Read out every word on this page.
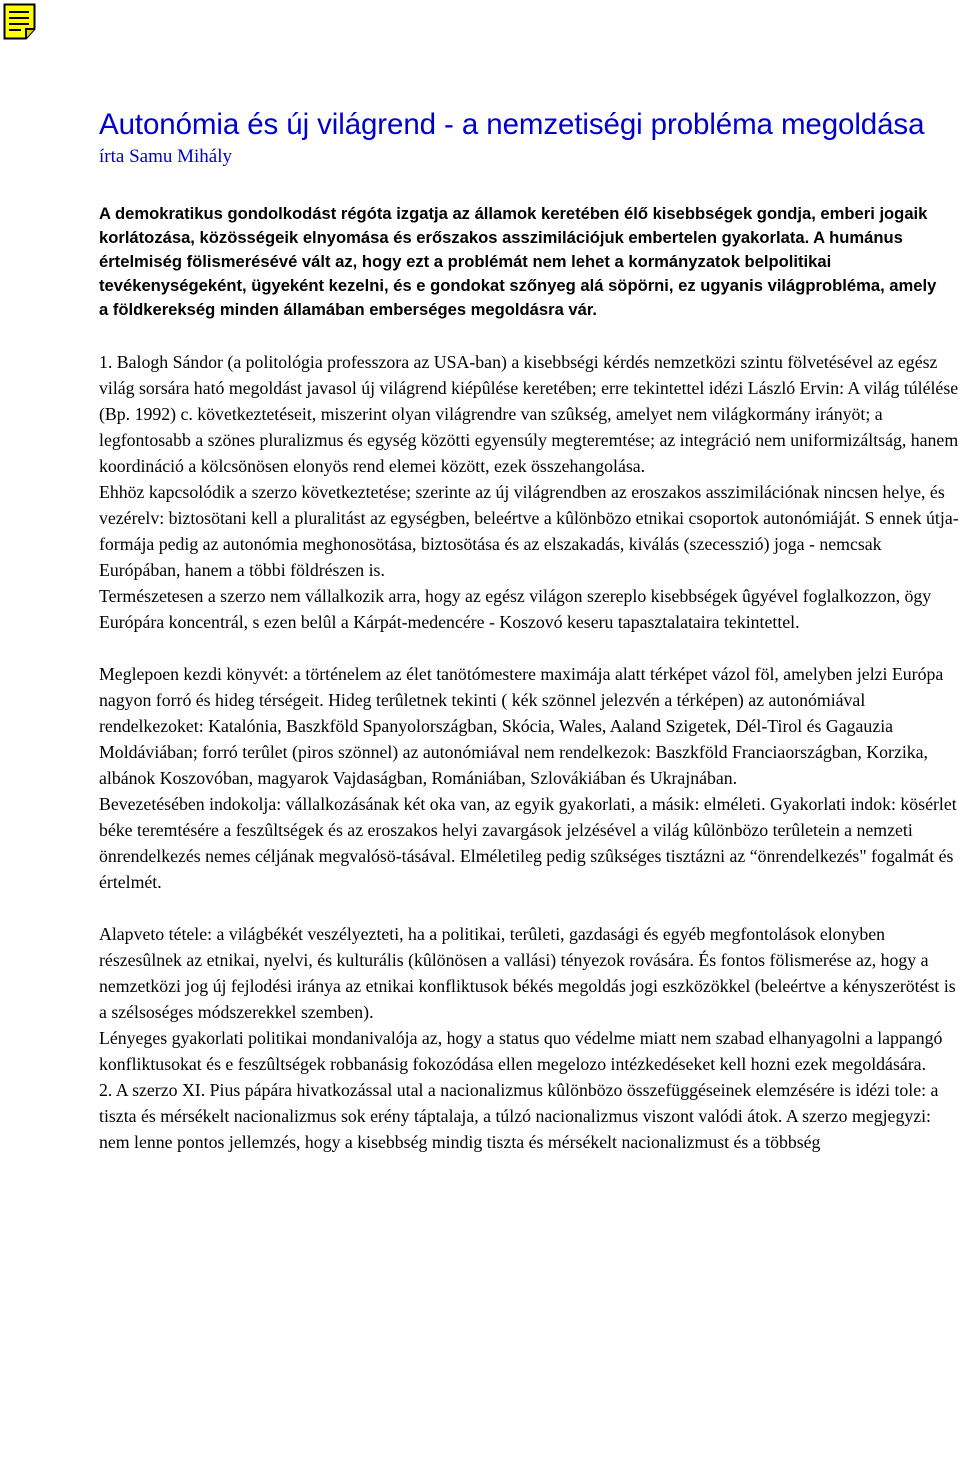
Autonómia és új világrend - a nemzetiségi probléma megoldása
írta Samu Mihály
A demokratikus gondolkodást régóta izgatja az államok keretében élő kisebbségek gondja, emberi jogaik korlátozása, közösségeik elnyomása és erőszakos asszimilációjuk embertelen gyakorlata. A humánus értelmiség fölismerésévé vált az, hogy ezt a problémát nem lehet a kormányzatok belpolitikai tevékenységeként, ügyeként kezelni, és e gondokat szőnyeg alá söpörni, ez ugyanis világprobléma, amely a földkerekség minden államában emberséges megoldásra vár.

1. Balogh Sándor (a politológia professzora az USA-ban) a kisebbségi kérdés nemzetközi szintu fölvetésével az egész világ sorsára ható megoldást javasol új világrend kiépûlése keretében; erre tekintettel idézi László Ervin: A világ túlélése (Bp. 1992) c. következtetéseit, miszerint olyan világrendre van szûkség, amelyet nem világkormány irányöt; a legfontosabb a szönes pluralizmus és egység közötti egyensúly megteremtése; az integráció nem uniformizáltság, hanem koordináció a kölcsönösen elonyös rend elemei között, ezek összehangolása.

Ehhöz kapcsolódik a szerzo következtetése; szerinte az új világrendben az eroszakos asszimilációnak nincsen helye, és vezérelv: biztosötani kell a pluralitást az egységben, beleértve a kûlönbözo etnikai csoportok autonómiáját. S ennek útja-formája pedig az autonómia meghonosötása, biztosötása és az elszakadás, kiválás (szecesszió) joga - nemcsak Európában, hanem a többi földrészen is.

Természetesen a szerzo nem vállalkozik arra, hogy az egész világon szereplo kisebbségek ûgyével foglalkozzon, ögy Európára koncentrál, s ezen belûl a Kárpát-medencére - Koszovó keseru tapasztalataira tekintettel.

Meglepoen kezdi könyvét: a történelem az élet tanötómestere maximája alatt térképet vázol föl, amelyben jelzi Európa nagyon forró és hideg térségeit. Hideg terûletnek tekinti ( kék szönnel jelezvén a térképen) az autonómiával rendelkezoket: Katalónia, Baszkföld Spanyolországban, Skócia, Wales, Aaland Szigetek, Dél-Tirol és Gagauzia Moldáviában; forró terûlet (piros szönnel) az autonómiával nem rendelkezok: Baszkföld Franciaországban, Korzika, albánok Koszovóban, magyarok Vajdaságban, Romániában, Szlovákiában és Ukrajnában.

Bevezetésében indokolja: vállalkozásának két oka van, az egyik gyakorlati, a másik: elméleti. Gyakorlati indok: kösérlet béke teremtésére a feszûltségek és az eroszakos helyi zavargások jelzésével a világ kûlönbözo terûletein a nemzeti önrendelkezés nemes céljának megvalósö-tásával. Elméletileg pedig szûkséges tisztázni az “önrendelkezés" fogalmát és értelmét.

Alapveto tétele: a világbékét veszélyezteti, ha a politikai, terûleti, gazdasági és egyéb megfontolások elonyben részesûlnek az etnikai, nyelvi, és kulturális (kûlönösen a vallási) tényezok rovására. És fontos fölismerése az, hogy a nemzetközi jog új fejlodési iránya az etnikai konfliktusok békés megoldás jogi eszközökkel (beleértve a kényszerötést is a szélsoséges módszerekkel szemben).

Lényeges gyakorlati politikai mondanivalója az, hogy a status quo védelme miatt nem szabad elhanyagolni a lappangó konfliktusokat és e feszûltségek robbanásig fokozódása ellen megelozo intézkedéseket kell hozni ezek megoldására.

2. A szerzo XI. Pius pápára hivatkozással utal a nacionalizmus kûlönbözo összefüggéseinek elemzésére is idézi tole: a tiszta és mérsékelt nacionalizmus sok erény táptalaja, a túlzó nacionalizmus viszont valódi átok. A szerzo megjegyzi: nem lenne pontos jellemzés, hogy a kisebbség mindig tiszta és mérsékelt nacionalizmust és a többség
